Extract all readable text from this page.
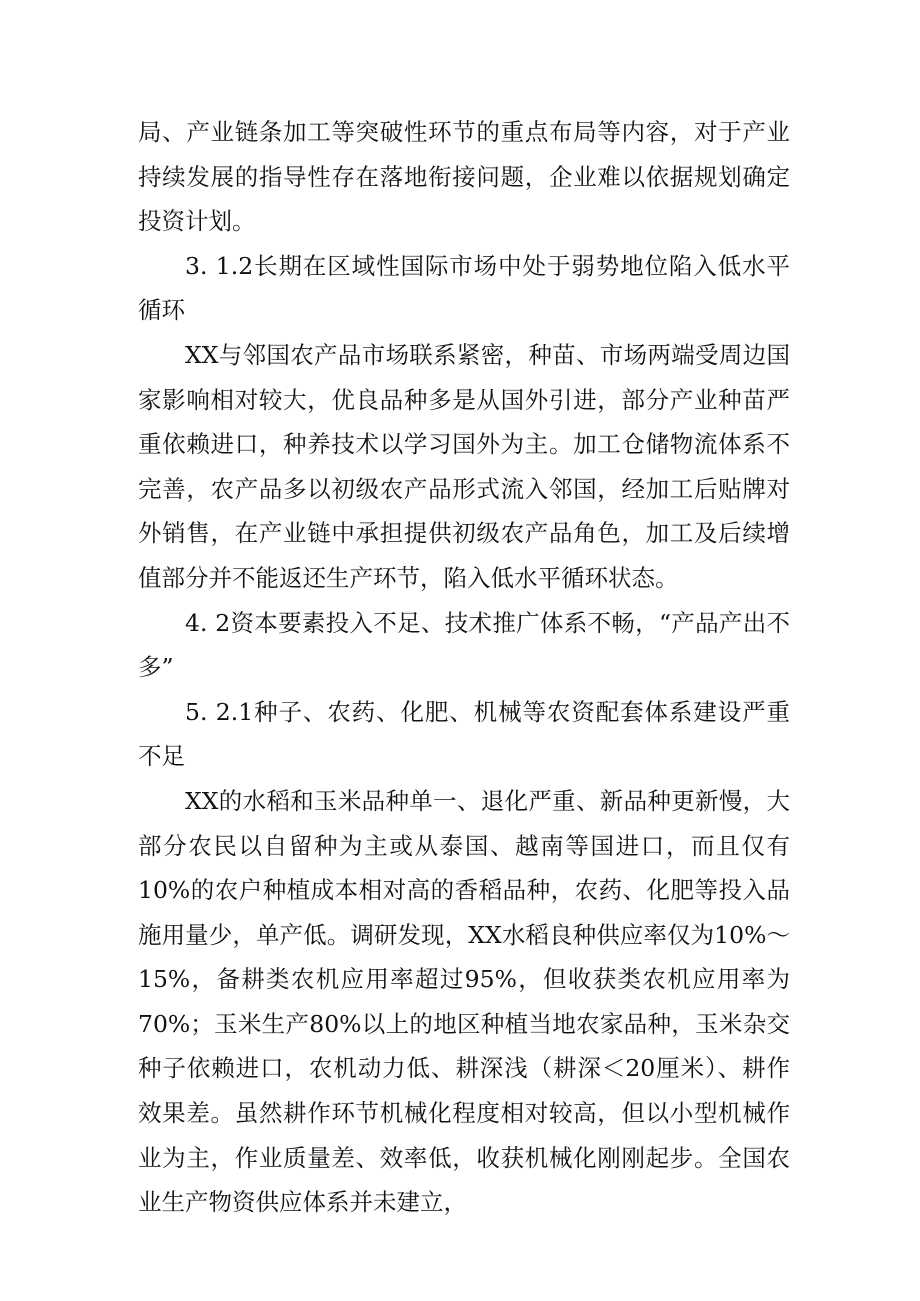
局、产业链条加工等突破性环节的重点布局等内容，对于产业持续发展的指导性存在落地衔接问题，企业难以依据规划确定投资计划。

3. 1.2长期在区域性国际市场中处于弱势地位陷入低水平循环

XX与邻国农产品市场联系紧密，种苗、市场两端受周边国家影响相对较大，优良品种多是从国外引进，部分产业种苗严重依赖进口，种养技术以学习国外为主。加工仓储物流体系不完善，农产品多以初级农产品形式流入邻国，经加工后贴牌对外销售，在产业链中承担提供初级农产品角色，加工及后续增值部分并不能返还生产环节，陷入低水平循环状态。

4. 2资本要素投入不足、技术推广体系不畅，“产品产出不多”

5. 2.1种子、农药、化肥、机械等农资配套体系建设严重不足

XX的水稻和玉米品种单一、退化严重、新品种更新慢，大部分农民以自留种为主或从泰国、越南等国进口，而且仅有10%的农户种植成本相对高的香稻品种，农药、化肥等投入品施用量少，单产低。调研发现，XX水稻良种供应率仅为10%～15%，备耕类农机应用率超过95%，但收获类农机应用率为70%；玉米生产80%以上的地区种植当地农家品种，玉米杂交种子依赖进口，农机动力低、耕深浅（耕深＜20厘米）、耕作效果差。虽然耕作环节机械化程度相对较高，但以小型机械作业为主，作业质量差、效率低，收获机械化刚刚起步。全国农业生产物资供应体系并未建立，
